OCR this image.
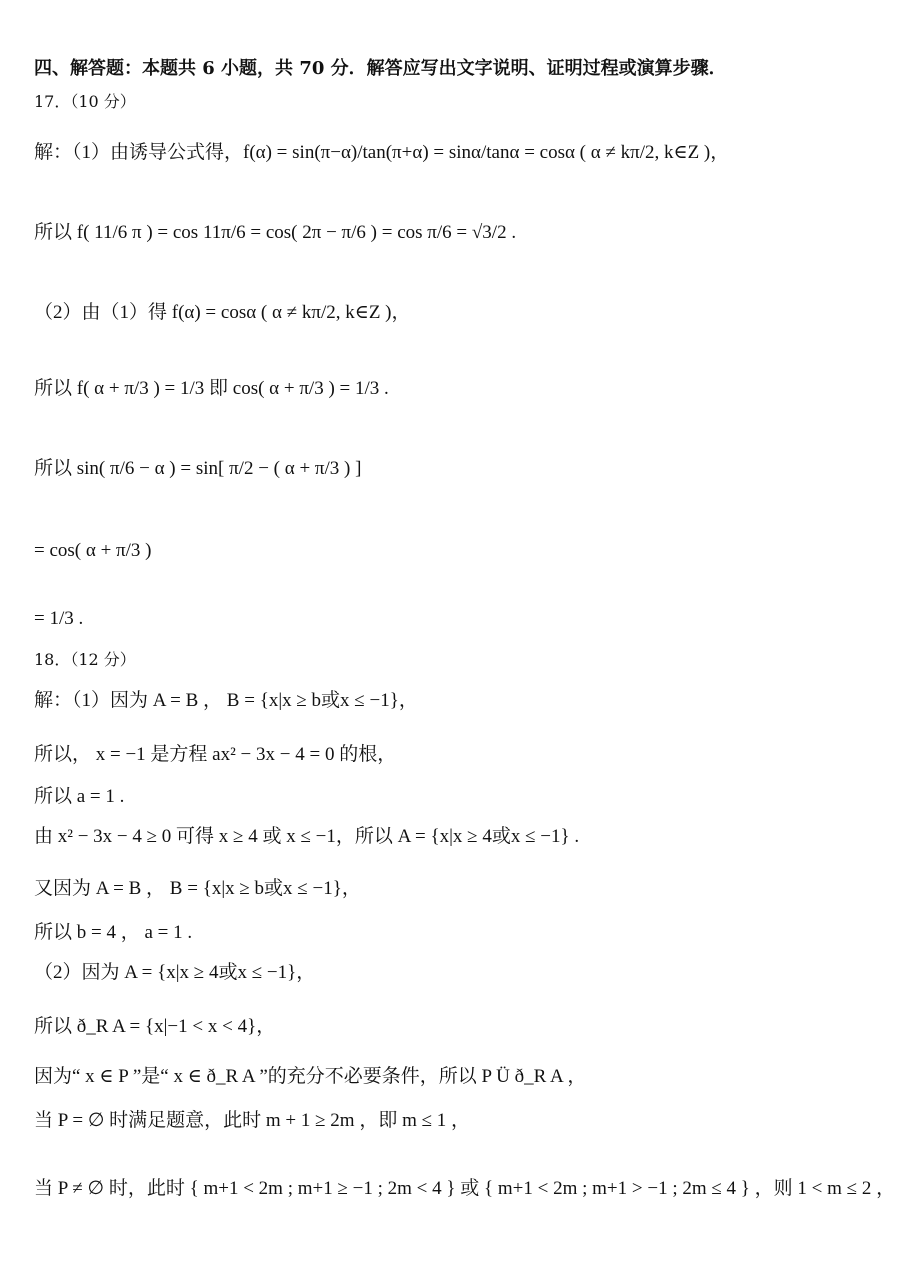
四、解答题：本题共 6 小题，共 70 分．解答应写出文字说明、证明过程或演算步骤．
17．（10 分）
解：（1）由诱导公式得，f(α) = sin(π−α)/tan(π+α) = sinα/tanα = cosα ( α ≠ kπ/2, k∈Z )，
所以 f( 11/6 π ) = cos 11π/6 = cos( 2π − π/6 ) = cos π/6 = √3/2 .
（2）由（1）得 f(α) = cosα ( α ≠ kπ/2, k∈Z )，
所以 f( α + π/3 ) = 1/3 即 cos( α + π/3 ) = 1/3 .
所以 sin( π/6 − α ) = sin[ π/2 − ( α + π/3 ) ]
= cos( α + π/3 )
= 1/3 .
18．（12 分）
解：（1）因为 A = B ， B = {x|x ≥ b或x ≤ −1}，
所以， x = −1 是方程 ax² − 3x − 4 = 0 的根，
所以 a = 1 .
由 x² − 3x − 4 ≥ 0 可得 x ≥ 4 或 x ≤ −1，所以 A = {x|x ≥ 4或x ≤ −1} .
又因为 A = B ， B = {x|x ≥ b或x ≤ −1}，
所以 b = 4 ， a = 1 .
（2）因为 A = {x|x ≥ 4或x ≤ −1}，
所以 ð_R A = {x|−1 < x < 4}，
因为“ x ∈ P ”是“ x ∈ ð_R A ”的充分不必要条件，所以 P Ü ð_R A ，
当 P = ∅ 时满足题意，此时 m + 1 ≥ 2m ，即 m ≤ 1 ，
当 P ≠ ∅ 时，此时 { m+1 < 2m ; m+1 ≥ −1 ; 2m < 4 } 或 { m+1 < 2m ; m+1 > −1 ; 2m ≤ 4 } ，则 1 < m ≤ 2 ，
